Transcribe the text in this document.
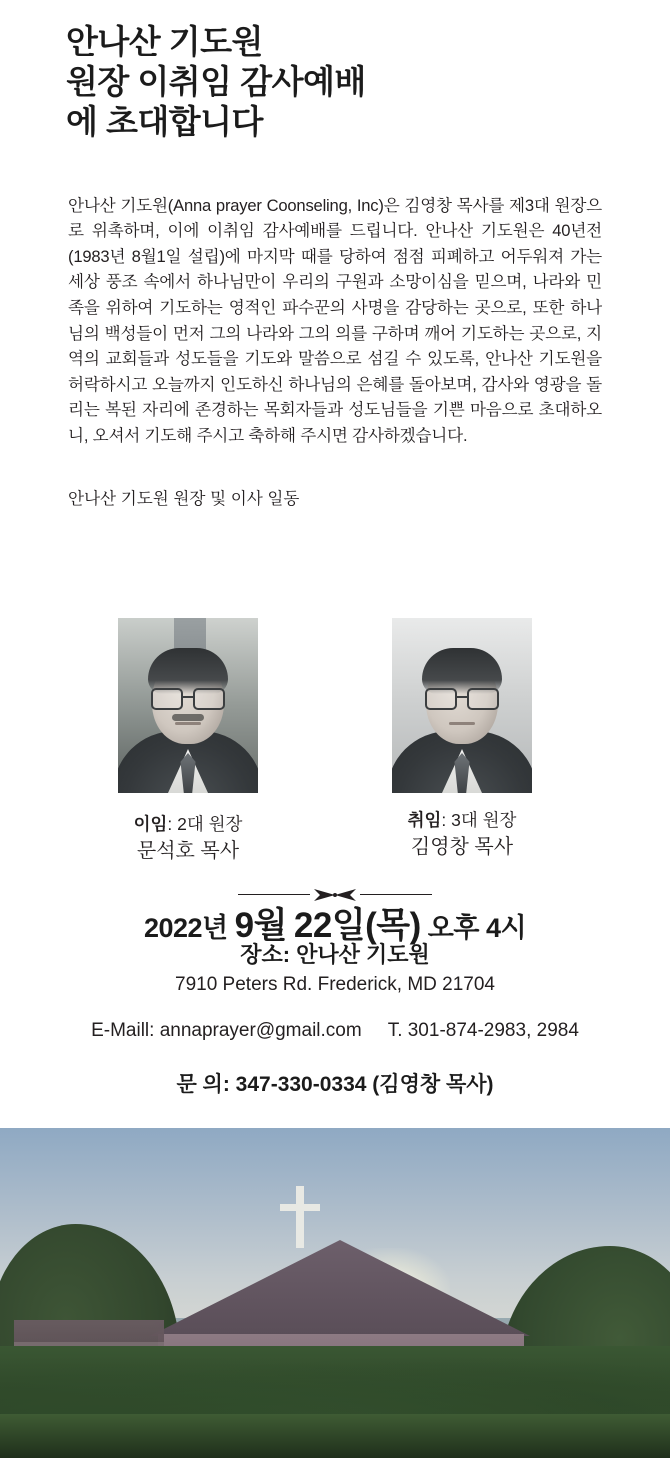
안나산 기도원
원장 이취임 감사예배
에 초대합니다

안나산 기도원(Anna prayer Coonseling, Inc)은 김영창 목사를 제3대 원장으로 위촉하며, 이에 이취임 감사예배를 드립니다. 안나산 기도원은 40년전(1983년 8월1일 설립)에 마지막 때를 당하여 점점 피폐하고 어두워져 가는 세상 풍조 속에서 하나님만이 우리의 구원과 소망이심을 믿으며, 나라와 민족을 위하여 기도하는 영적인 파수꾼의 사명을 감당하는 곳으로, 또한 하나님의 백성들이 먼저 그의 나라와 그의 의를 구하며 깨어 기도하는 곳으로, 지역의 교회들과 성도들을 기도와 말씀으로 섬길 수 있도록, 안나산 기도원을 허락하시고 오늘까지 인도하신 하나님의 은혜를 돌아보며, 감사와 영광을 돌리는 복된 자리에 존경하는 목회자들과 성도님들을 기쁜 마음으로 초대하오니, 오셔서 기도해 주시고 축하해 주시면 감사하겠습니다.

안나산 기도원 원장 및 이사 일동
이임: 2대 원장
문석호 목사
취임: 3대 원장
김영창 목사
2022년 9월 22일(목) 오후 4시
장소: 안나산 기도원
7910 Peters Rd. Frederick, MD 21704
E-Maill: annaprayer@gmail.com T. 301-874-2983, 2984
문 의: 347-330-0334 (김영창 목사)
